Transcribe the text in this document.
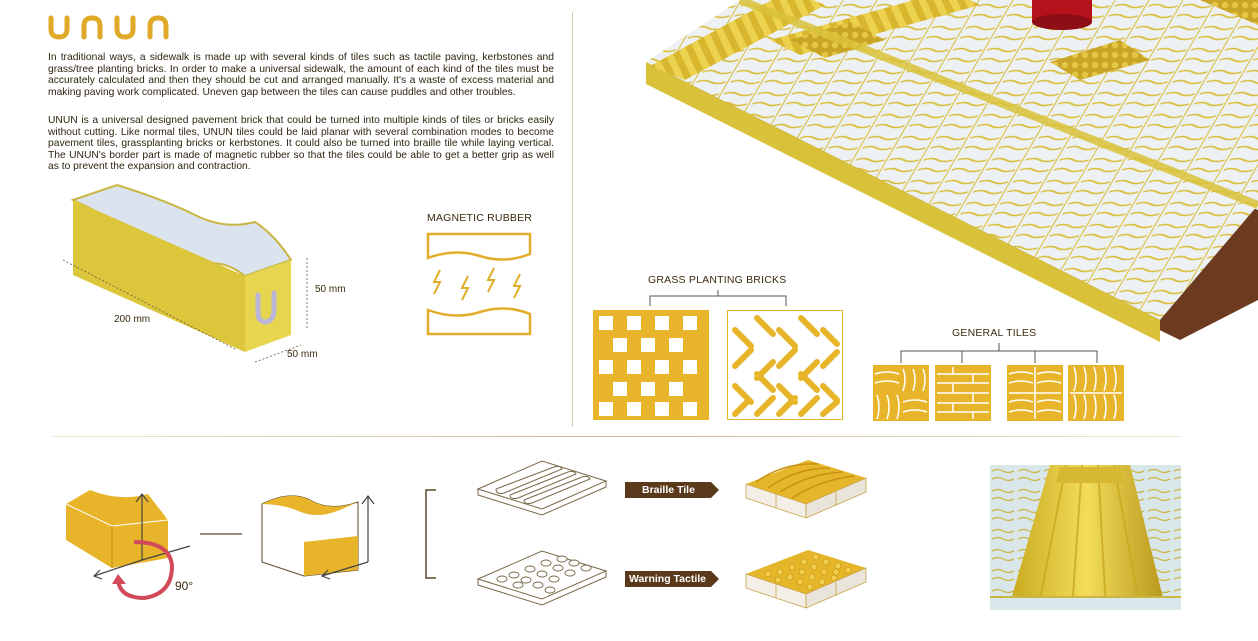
In traditional ways, a sidewalk is made up with several kinds of tiles such as tactile paving, kerbstones and grass/tree planting bricks. In order to make a universal sidewalk, the amount of each kind of the tiles must be accurately calculated and then they should be cut and arranged manually. It's a waste of excess material and making paving work complicated. Uneven gap between the tiles can cause puddles and other troubles.
UNUN is a universal designed pavement brick that could be turned into multiple kinds of tiles or bricks easily without cutting. Like normal tiles, UNUN tiles could be laid planar with several combination modes to become pavement tiles, grassplanting bricks or kerbstones. It could also be turned into braille tile while laying vertical. The UNUN's border part is made of magnetic rubber so that the tiles could be able to get a better grip as well as to prevent the expansion and contraction.
200 mm
50 mm
50 mm
MAGNETIC RUBBER
GRASS PLANTING BRICKS
GENERAL TILES
90°
Braille Tile
Warning Tactile
